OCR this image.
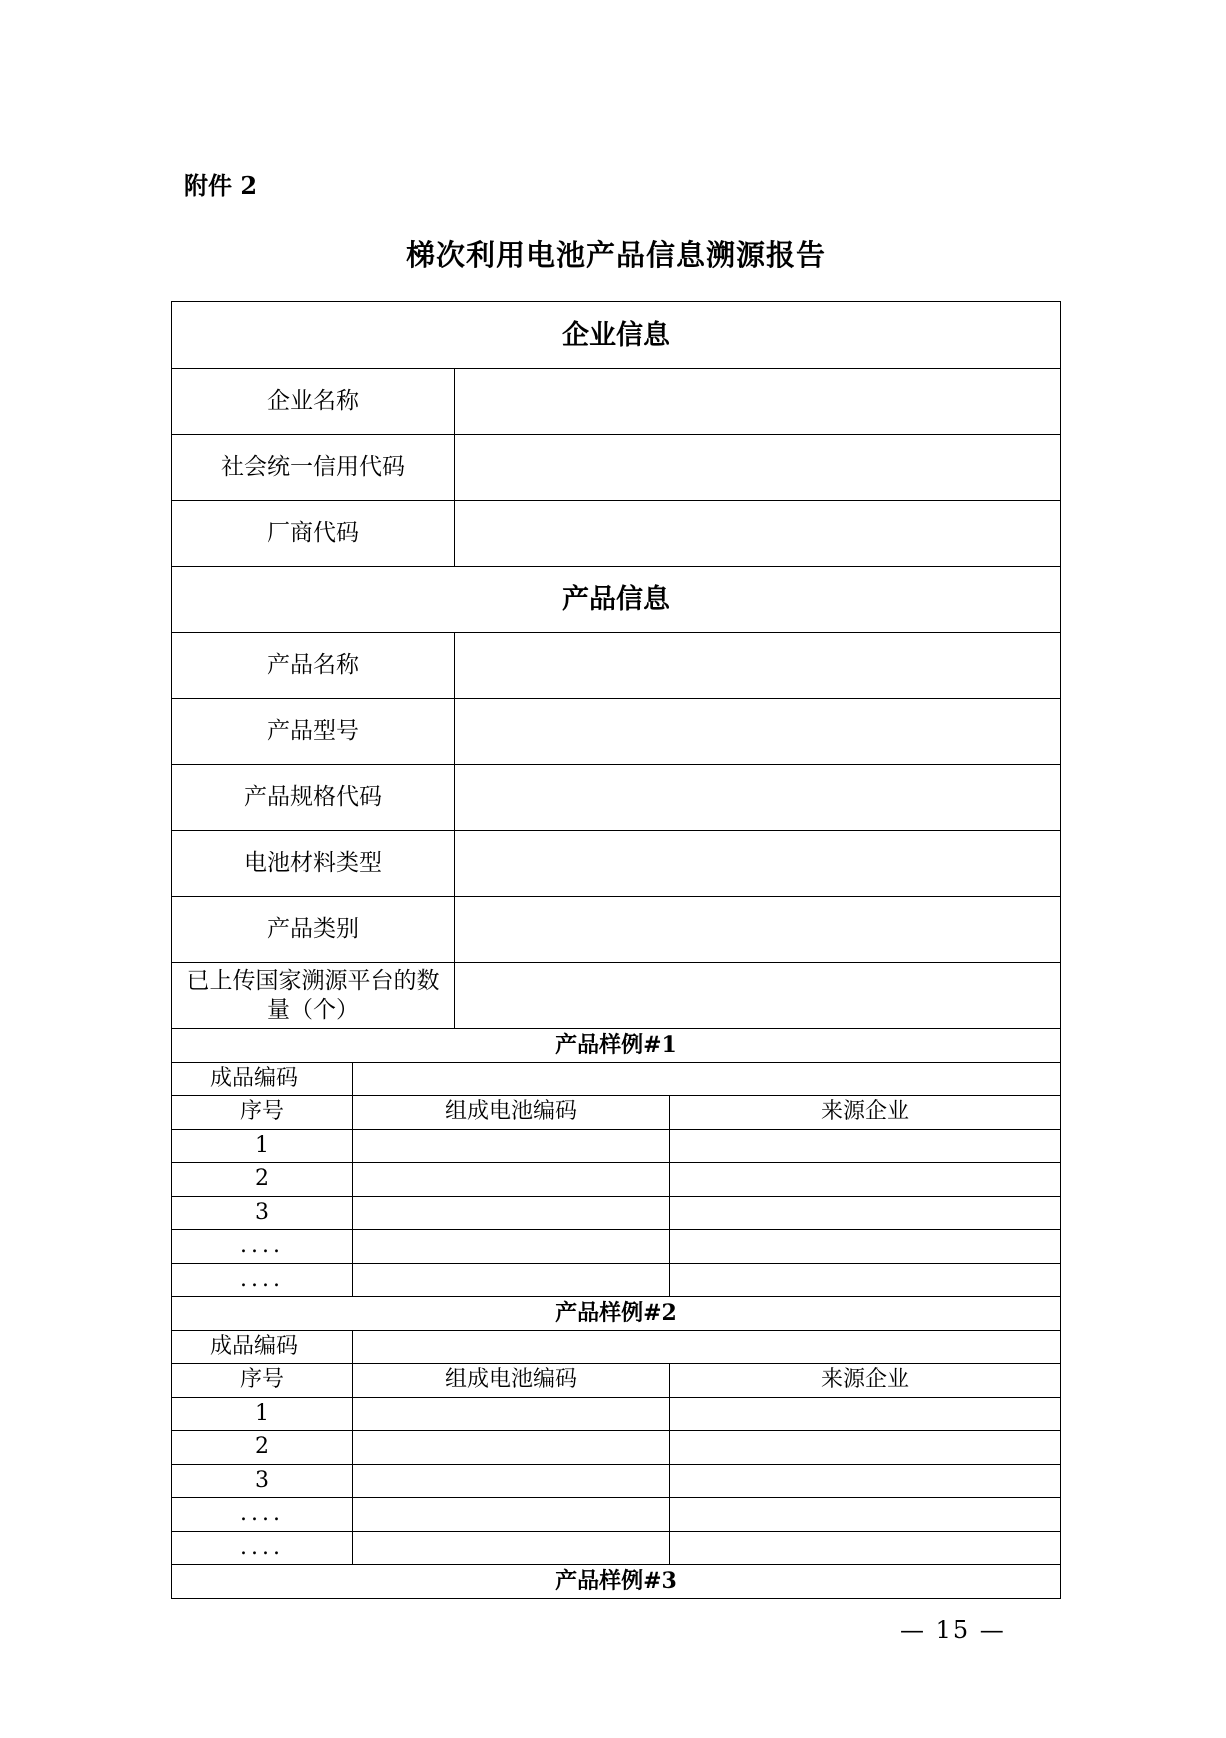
附件 2
梯次利用电池产品信息溯源报告
企业信息
企业名称
社会统一信用代码
厂商代码
产品信息
产品名称
产品型号
产品规格代码
电池材料类型
产品类别
已上传国家溯源平台的数量（个）
产品样例#1
成品编码
序号	组成电池编码	来源企业
1
2
3
....
....
产品样例#2
成品编码
序号	组成电池编码	来源企业
1
2
3
....
....
产品样例#3
— 15 —
